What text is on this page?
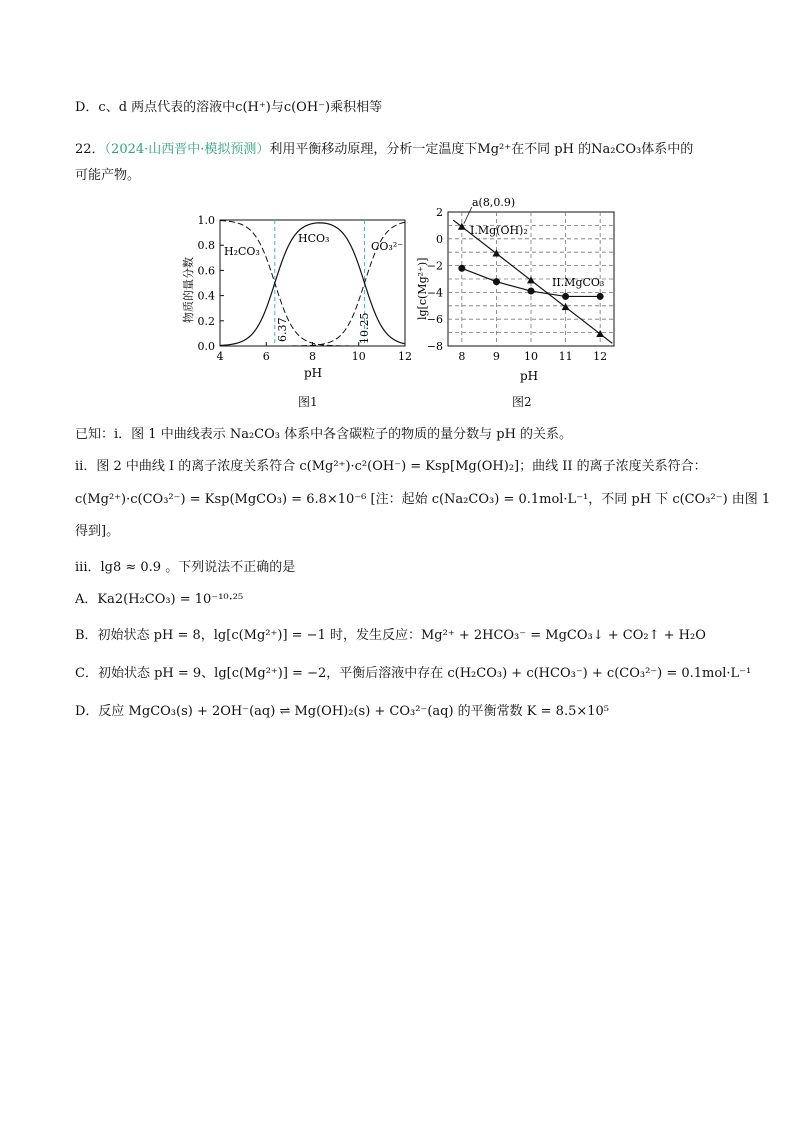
D．c、d 两点代表的溶液中c(H⁺)与c(OH⁻)乘积相等
22．（2024·山西晋中·模拟预测）利用平衡移动原理，分析一定温度下Mg²⁺在不同 pH 的Na₂CO₃体系中的
可能产物。
0.0
0.2
0.4
0.6
0.8
1.0
4	6	8	10	12
H₂CO₃
HCO₃
CO₃²⁻
6.37	10.25
物质的量分数
pH
图1
2
0
−2
−4
−6
−8
8	9 10 11 12
a(8,0.9)
I.Mg(OH)₂
II.MgCO₃
lg[c(Mg²⁺)]
pH
图2
已知：i．图 1 中曲线表示 Na₂CO₃ 体系中各含碳粒子的物质的量分数与 pH 的关系。
ii．图 2 中曲线 I 的离子浓度关系符合 c(Mg²⁺)·c²(OH⁻) = Ksp[Mg(OH)₂]；曲线 II 的离子浓度关系符合：
c(Mg²⁺)·c(CO₃²⁻) = Ksp(MgCO₃) = 6.8×10⁻⁶ [注：起始 c(Na₂CO₃) = 0.1mol·L⁻¹，不同 pH 下 c(CO₃²⁻) 由图 1
得到]。
iii．lg8 ≈ 0.9 。下列说法不正确的是
A．Ka2(H₂CO₃) = 10⁻¹⁰·²⁵
B．初始状态 pH = 8，lg[c(Mg²⁺)] = −1 时，发生反应：Mg²⁺ + 2HCO₃⁻ = MgCO₃↓ + CO₂↑ + H₂O
C．初始状态 pH = 9、lg[c(Mg²⁺)] = −2，平衡后溶液中存在 c(H₂CO₃) + c(HCO₃⁻) + c(CO₃²⁻) = 0.1mol·L⁻¹
D．反应 MgCO₃(s) + 2OH⁻(aq) ⇌ Mg(OH)₂(s) + CO₃²⁻(aq) 的平衡常数 K = 8.5×10⁵
